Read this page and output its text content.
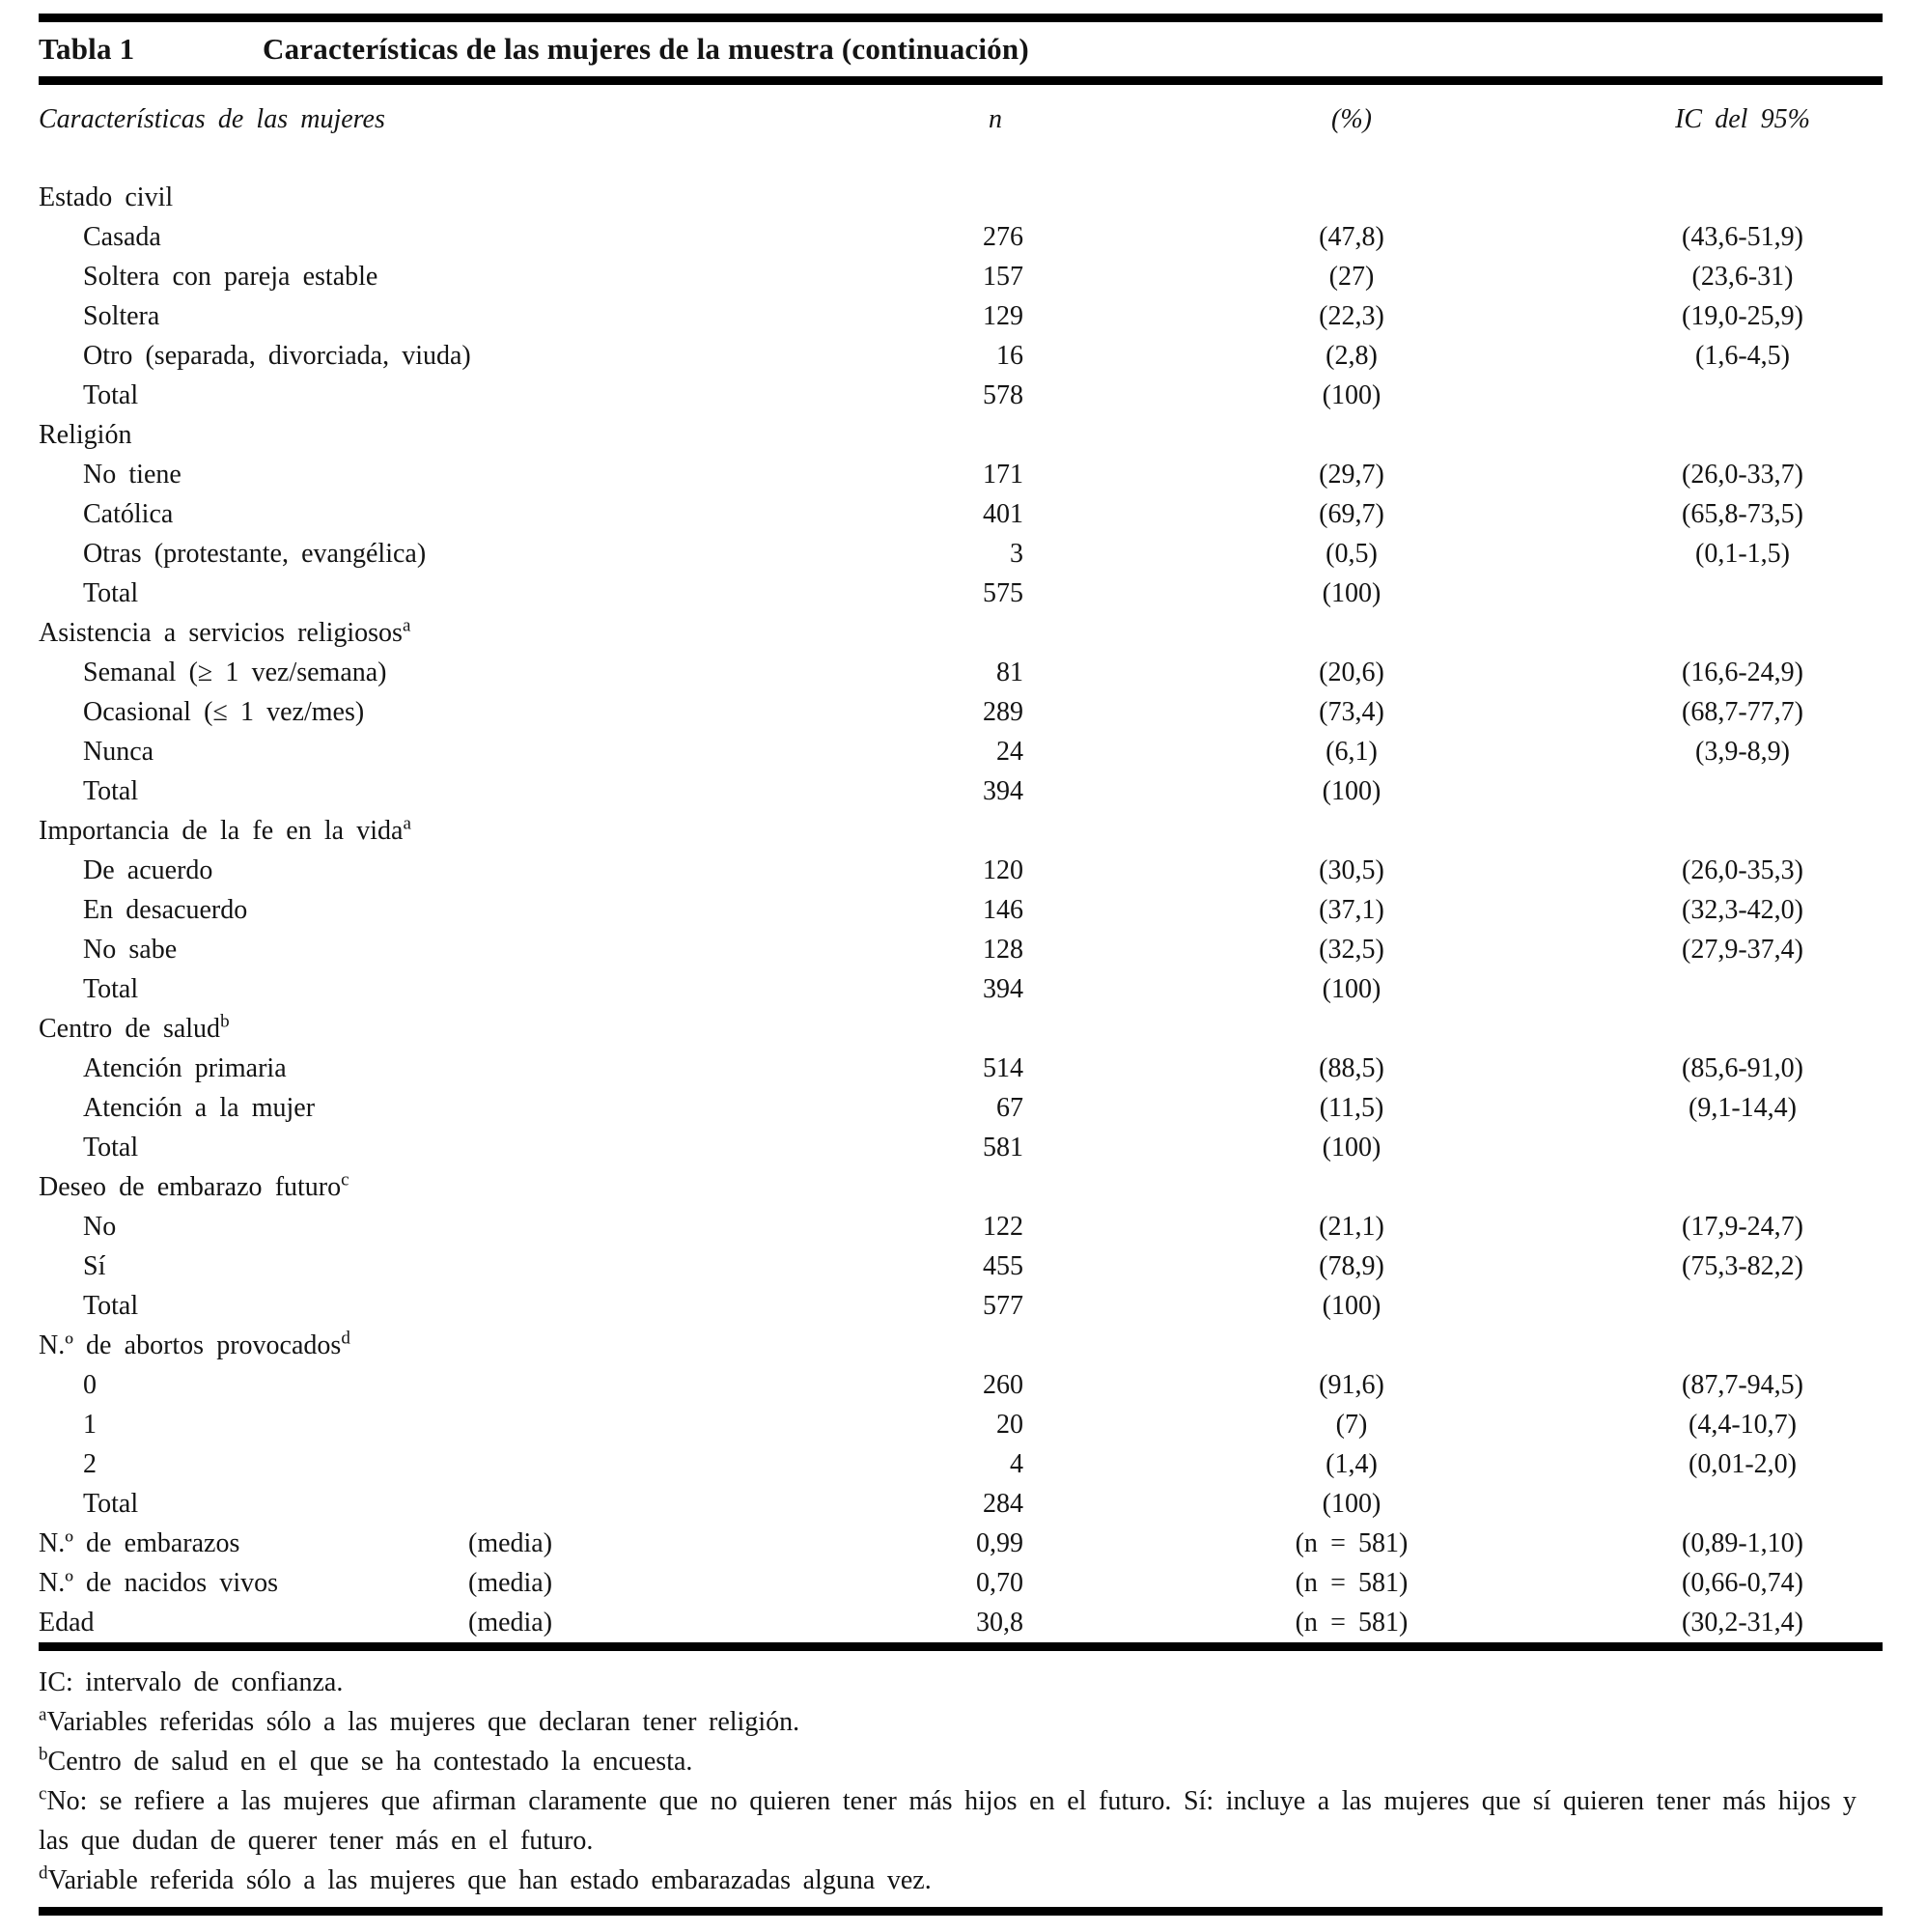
Tabla 1	Características de las mujeres de la muestra (continuación)
Características de las mujeres	n	(%)	IC del 95%
Estado civil
Casada	276	(47,8)	(43,6-51,9)
Soltera con pareja estable	157	(27)	(23,6-31)
Soltera	129	(22,3)	(19,0-25,9)
Otro (separada, divorciada, viuda)	16	(2,8)	(1,6-4,5)
Total	578	(100)
Religión
No tiene	171	(29,7)	(26,0-33,7)
Católica	401	(69,7)	(65,8-73,5)
Otras (protestante, evangélica)	3	(0,5)	(0,1-1,5)
Total	575	(100)
Asistencia a servicios religiosos$^a$
Semanal (≥ 1 vez/semana)	81	(20,6)	(16,6-24,9)
Ocasional (≤ 1 vez/mes)	289	(73,4)	(68,7-77,7)
Nunca	24	(6,1)	(3,9-8,9)
Total	394	(100)
Importancia de la fe en la vida$^a$
De acuerdo	120	(30,5)	(26,0-35,3)
En desacuerdo	146	(37,1)	(32,3-42,0)
No sabe	128	(32,5)	(27,9-37,4)
Total	394	(100)
Centro de salud$^b$
Atención primaria	514	(88,5)	(85,6-91,0)
Atención a la mujer	67	(11,5)	(9,1-14,4)
Total	581	(100)
Deseo de embarazo futuro$^c$
No	122	(21,1)	(17,9-24,7)
Sí	455	(78,9)	(75,3-82,2)
Total	577	(100)
N.º de abortos provocados$^d$
0	260	(91,6)	(87,7-94,5)
1	20	(7)	(4,4-10,7)
2	4	(1,4)	(0,01-2,0)
Total	284	(100)
N.º de embarazos	(media)	0,99	(n = 581)	(0,89-1,10)
N.º de nacidos vivos	(media)	0,70	(n = 581)	(0,66-0,74)
Edad	(media)	30,8	(n = 581)	(30,2-31,4)

IC: intervalo de confianza.

$^a$Variables referidas sólo a las mujeres que declaran tener religión.

$^b$Centro de salud en el que se ha contestado la encuesta.

$^c$No: se refiere a las mujeres que afirman claramente que no quieren tener más hijos en el futuro. Sí: incluye a las mujeres que sí quieren tener más hijos y las que dudan de querer tener más en el futuro.

$^d$Variable referida sólo a las mujeres que han estado embarazadas alguna vez.
